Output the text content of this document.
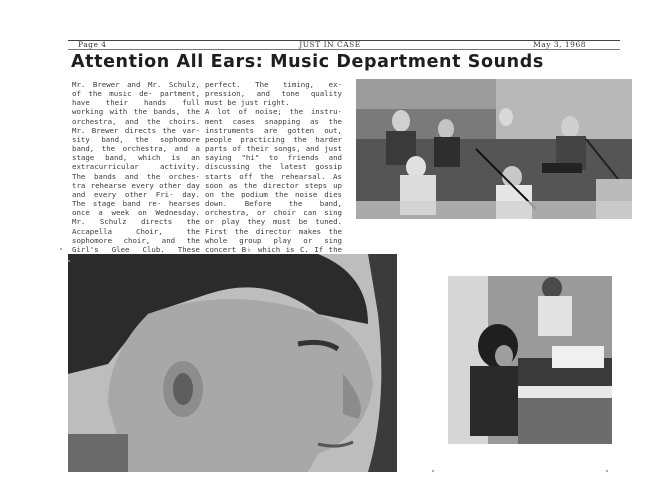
Page 4	JUST IN CASE	May 3, 1968
Attention All Ears: Music Department Sounds
Mr. Brewer and Mr. Schulz, of the music de- partment, have their hands full working with the bands, the orchestra, and the choirs. Mr. Brewer directs the var- sity band, the sophomore band, the orchestra, and a stage band, which is an extracurricular activity. The bands and the orches- tra rehearse every other day and every other Fri- day. The stage band re- hearses once a week on Wednesday. Mr. Schulz directs the Accapella Choir, the sophomore choir, and the Girl's Glee Club. These
perfect. The timing, ex- pression, and tone quality must be just right.
A lot of noise; the instru- ment cases snapping as the instruments are gotten out, people practicing the harder parts of their songs, and just saying "hi" to friends and discussing the latest gossip starts off the rehearsal. As soon as the director steps up on the podium the noise dies down. Before the band, orchestra, or choir can sing or play they must be tuned. First the director makes the whole group play or sing concert B♭ which is C. If the
